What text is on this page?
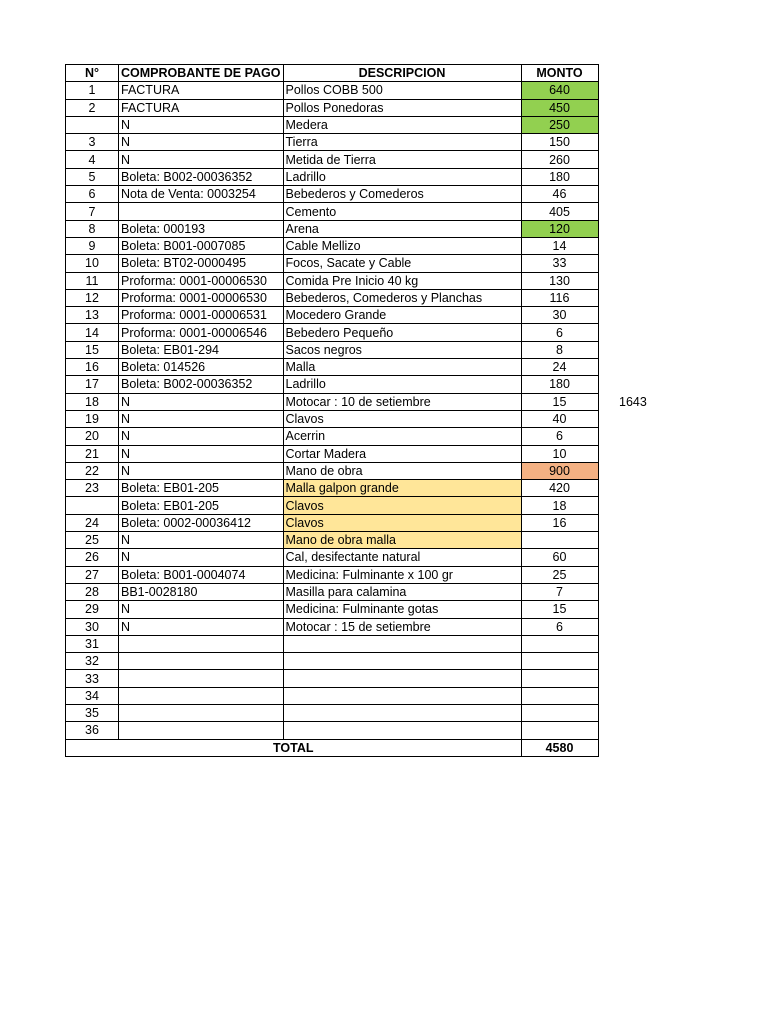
N°	COMPROBANTE DE PAGO	DESCRIPCION	MONTO
1	FACTURA	Pollos COBB 500	640
2	FACTURA	Pollos Ponedoras	450
	N	Medera	250
3	N	Tierra	150
4	N	Metida de Tierra	260
5	Boleta: B002-00036352	Ladrillo	180
6	Nota de Venta: 0003254	Bebederos y Comederos	46
7		Cemento	405
8	Boleta: 000193	Arena	120
9	Boleta: B001-0007085	Cable Mellizo	14
10	Boleta: BT02-0000495	Focos, Sacate y Cable	33
11	Proforma: 0001-00006530	Comida Pre Inicio 40 kg	130
12	Proforma: 0001-00006530	Bebederos, Comederos y Planchas	116
13	Proforma: 0001-00006531	Mocedero Grande	30
14	Proforma: 0001-00006546	Bebedero Pequeño	6
15	Boleta: EB01-294	Sacos negros	8
16	Boleta: 014526	Malla	24
17	Boleta: B002-00036352	Ladrillo	180
18	N	Motocar : 10 de setiembre	15
19	N	Clavos	40
20	N	Acerrin	6
21	N	Cortar Madera	10
22	N	Mano de obra	900
23	Boleta: EB01-205	Malla galpon grande	420
	Boleta: EB01-205	Clavos	18
24	Boleta: 0002-00036412	Clavos	16
25	N	Mano de obra malla	
26	N	Cal, desifectante natural	60
27	Boleta: B001-0004074	Medicina: Fulminante x 100 gr	25
28	BB1-0028180	Masilla para calamina	7
29	N	Medicina: Fulminante gotas	15
30	N	Motocar : 15 de setiembre	6
31			
32			
33			
34			
35			
36			
TOTAL			4580
1643
